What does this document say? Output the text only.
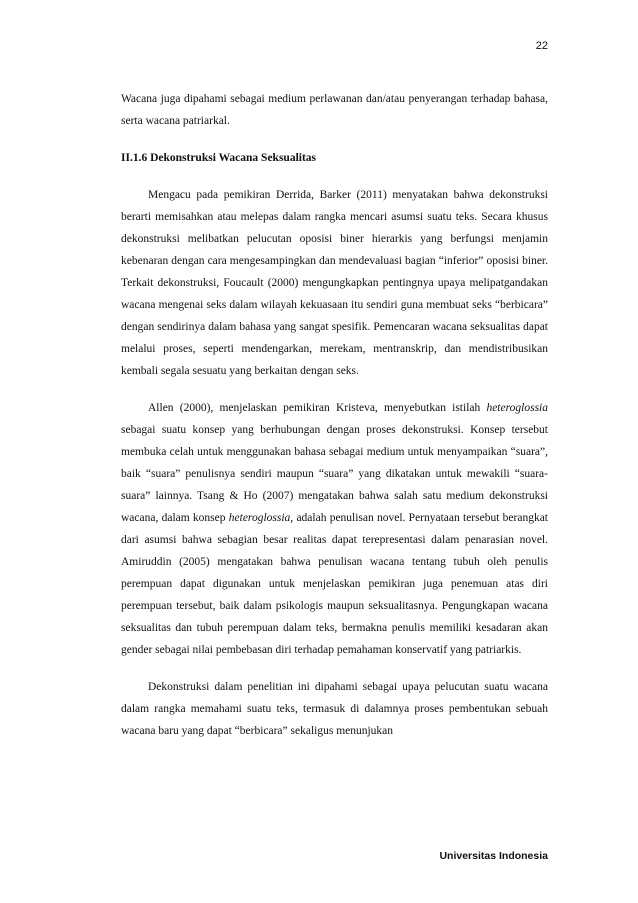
22

Wacana juga dipahami sebagai medium perlawanan dan/atau penyerangan terhadap bahasa, serta wacana patriarkal.

II.1.6 Dekonstruksi Wacana Seksualitas

Mengacu pada pemikiran Derrida, Barker (2011) menyatakan bahwa dekonstruksi berarti memisahkan atau melepas dalam rangka mencari asumsi suatu teks. Secara khusus dekonstruksi melibatkan pelucutan oposisi biner hierarkis yang berfungsi menjamin kebenaran dengan cara mengesampingkan dan mendevaluasi bagian “inferior” oposisi biner. Terkait dekonstruksi, Foucault (2000) mengungkapkan pentingnya upaya melipatgandakan wacana mengenai seks dalam wilayah kekuasaan itu sendiri guna membuat seks “berbicara” dengan sendirinya dalam bahasa yang sangat spesifik. Pemencaran wacana seksualitas dapat melalui proses, seperti mendengarkan, merekam, mentranskrip, dan mendistribusikan kembali segala sesuatu yang berkaitan dengan seks.

Allen (2000), menjelaskan pemikiran Kristeva, menyebutkan istilah heteroglossia sebagai suatu konsep yang berhubungan dengan proses dekonstruksi. Konsep tersebut membuka celah untuk menggunakan bahasa sebagai medium untuk menyampaikan “suara”, baik “suara” penulisnya sendiri maupun “suara” yang dikatakan untuk mewakili “suara-suara” lainnya. Tsang & Ho (2007) mengatakan bahwa salah satu medium dekonstruksi wacana, dalam konsep heteroglossia, adalah penulisan novel. Pernyataan tersebut berangkat dari asumsi bahwa sebagian besar realitas dapat terepresentasi dalam penarasian novel. Amiruddin (2005) mengatakan bahwa penulisan wacana tentang tubuh oleh penulis perempuan dapat digunakan untuk menjelaskan pemikiran juga penemuan atas diri perempuan tersebut, baik dalam psikologis maupun seksualitasnya. Pengungkapan wacana seksualitas dan tubuh perempuan dalam teks, bermakna penulis memiliki kesadaran akan gender sebagai nilai pembebasan diri terhadap pemahaman konservatif yang patriarkis.

Dekonstruksi dalam penelitian ini dipahami sebagai upaya pelucutan suatu wacana dalam rangka memahami suatu teks, termasuk di dalamnya proses pembentukan sebuah wacana baru yang dapat “berbicara” sekaligus menunjukan

Universitas Indonesia
